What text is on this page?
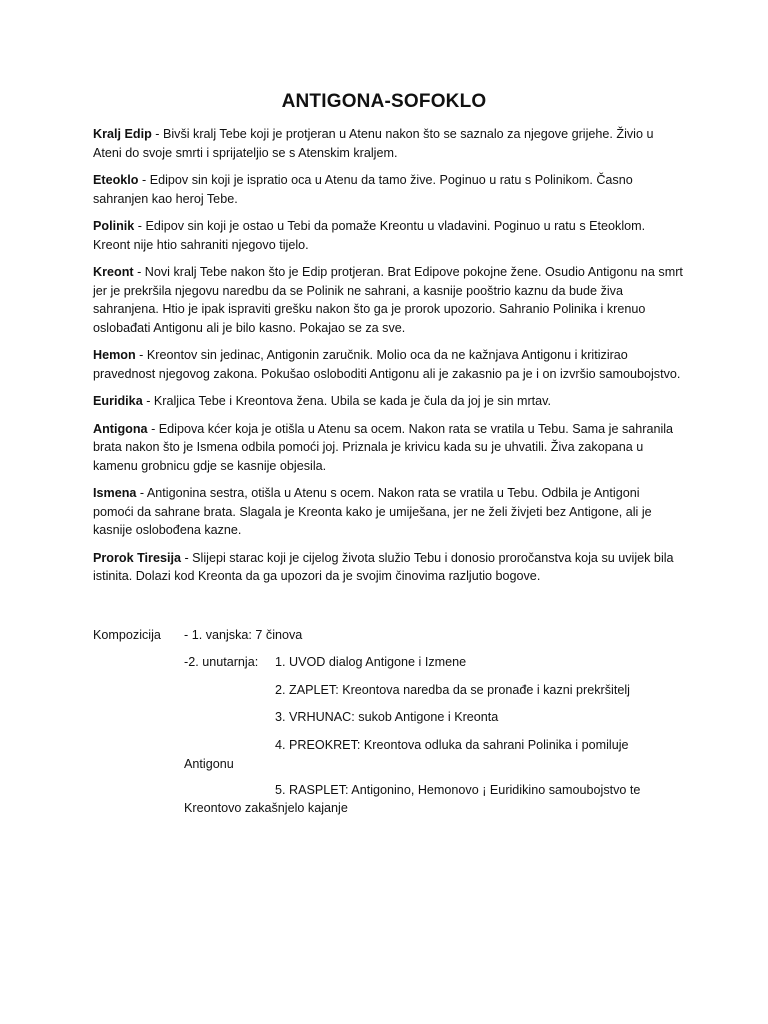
ANTIGONA-SOFOKLO

Kralj Edip - Bivši kralj Tebe koji je protjeran u Atenu nakon što se saznalo za njegove grijehe. Živio u Ateni do svoje smrti i sprijateljio se s Atenskim kraljem.

Eteoklo - Edipov sin koji je ispratio oca u Atenu da tamo žive. Poginuo u ratu s Polinikom. Časno sahranjen kao heroj Tebe.

Polinik - Edipov sin koji je ostao u Tebi da pomaže Kreontu u vladavini. Poginuo u ratu s Eteoklom. Kreont nije htio sahraniti njegovo tijelo.

Kreont - Novi kralj Tebe nakon što je Edip protjeran. Brat Edipove pokojne žene. Osudio Antigonu na smrt jer je prekršila njegovu naredbu da se Polinik ne sahrani, a kasnije pooštrio kaznu da bude živa sahranjena. Htio je ipak ispraviti grešku nakon što ga je prorok upozorio. Sahranio Polinika i krenuo oslobađati Antigonu ali je bilo kasno. Pokajao se za sve.

Hemon - Kreontov sin jedinac, Antigonin zaručnik. Molio oca da ne kažnjava Antigonu i kritizirao pravednost njegovog zakona. Pokušao osloboditi Antigonu ali je zakasnio pa je i on izvršio samoubojstvo.

Euridika - Kraljica Tebe i Kreontova žena. Ubila se kada je čula da joj je sin mrtav.

Antigona - Edipova kćer koja je otišla u Atenu sa ocem. Nakon rata se vratila u Tebu. Sama je sahranila brata nakon što je Ismena odbila pomoći joj. Priznala je krivicu kada su je uhvatili. Živa zakopana u kamenu grobnicu gdje se kasnije objesila.

Ismena - Antigonina sestra, otišla u Atenu s ocem. Nakon rata se vratila u Tebu. Odbila je Antigoni pomoći da sahrane brata. Slagala je Kreonta kako je umiješana, jer ne želi živjeti bez Antigone, ali je kasnije oslobođena kazne.

Prorok Tiresija - Slijepi starac koji je cijelog života služio Tebu i donosio proročanstva koja su uvijek bila istinita. Dolazi kod Kreonta da ga upozori da je svojim činovima razljutio bogove.

Kompozicija - 1. vanjska: 7 činova
-2. unutarnja: 1. UVOD dialog Antigone i Izmene
2. ZAPLET: Kreontova naredba da se pronađe i kazni prekršitelj
3. VRHUNAC: sukob Antigone i Kreonta
4. PREOKRET: Kreontova odluka da sahrani Polinika i pomiluje
Antigonu
5. RASPLET: Antigonino, Hemonovo ¡ Euridikino samoubojstvo te
Kreontovo zakašnjelo kajanje
